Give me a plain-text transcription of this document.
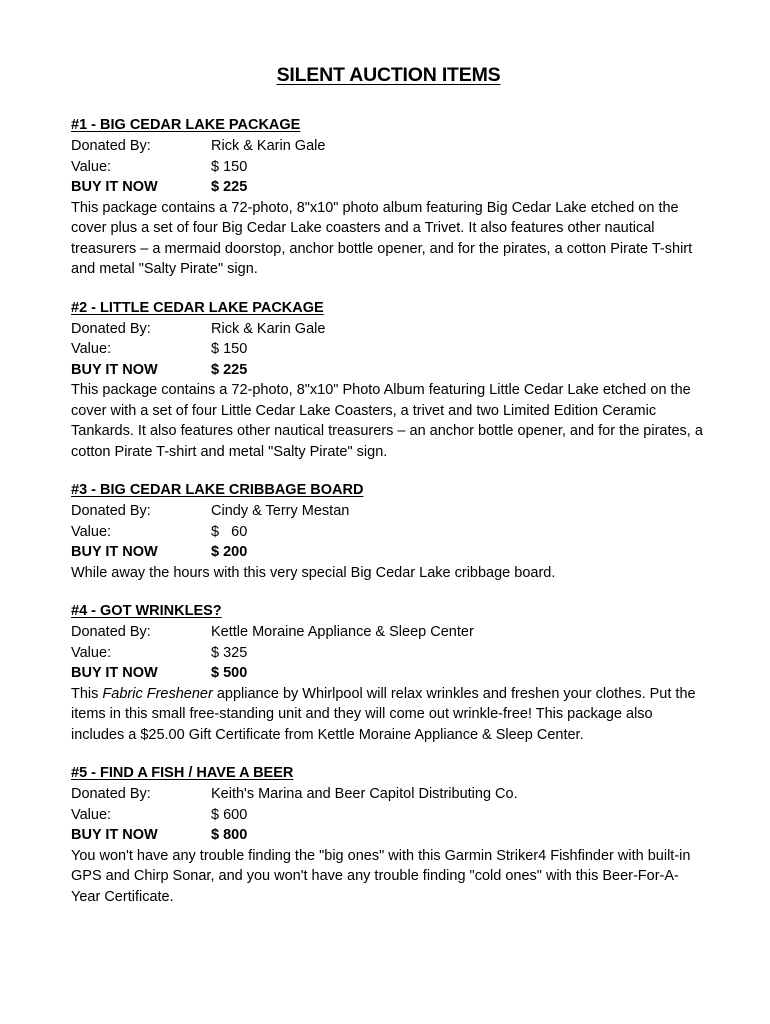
SILENT AUCTION ITEMS
#1 - BIG CEDAR LAKE PACKAGE
Donated By:	Rick & Karin Gale
Value:	$ 150
BUY IT NOW	$ 225

This package contains a 72-photo, 8"x10" photo album featuring Big Cedar Lake etched on the cover plus a set of four Big Cedar Lake coasters and a Trivet. It also features other nautical treasurers – a mermaid doorstop, anchor bottle opener, and for the pirates, a cotton Pirate T-shirt and metal "Salty Pirate" sign.

#2 - LITTLE CEDAR LAKE PACKAGE
Donated By:	Rick & Karin Gale
Value:	$ 150
BUY IT NOW	$ 225

This package contains a 72-photo, 8"x10" Photo Album featuring Little Cedar Lake etched on the cover with a set of four Little Cedar Lake Coasters, a trivet and two Limited Edition Ceramic Tankards. It also features other nautical treasurers – an anchor bottle opener, and for the pirates, a cotton Pirate T-shirt and metal "Salty Pirate" sign.

#3 - BIG CEDAR LAKE CRIBBAGE BOARD
Donated By:	Cindy & Terry Mestan
Value:	$   60
BUY IT NOW	$ 200

While away the hours with this very special Big Cedar Lake cribbage board.

#4 - GOT WRINKLES?
Donated By:	Kettle Moraine Appliance & Sleep Center
Value:	$ 325
BUY IT NOW	$ 500

This Fabric Freshener appliance by Whirlpool will relax wrinkles and freshen your clothes. Put the items in this small free-standing unit and they will come out wrinkle-free! This package also includes a $25.00 Gift Certificate from Kettle Moraine Appliance & Sleep Center.

#5 - FIND A FISH / HAVE A BEER
Donated By:	Keith's Marina and Beer Capitol Distributing Co.
Value:	$ 600
BUY IT NOW	$ 800

You won't have any trouble finding the "big ones" with this Garmin Striker4 Fishfinder with built-in GPS and Chirp Sonar, and you won't have any trouble finding "cold ones" with this Beer-For-A-Year Certificate.
